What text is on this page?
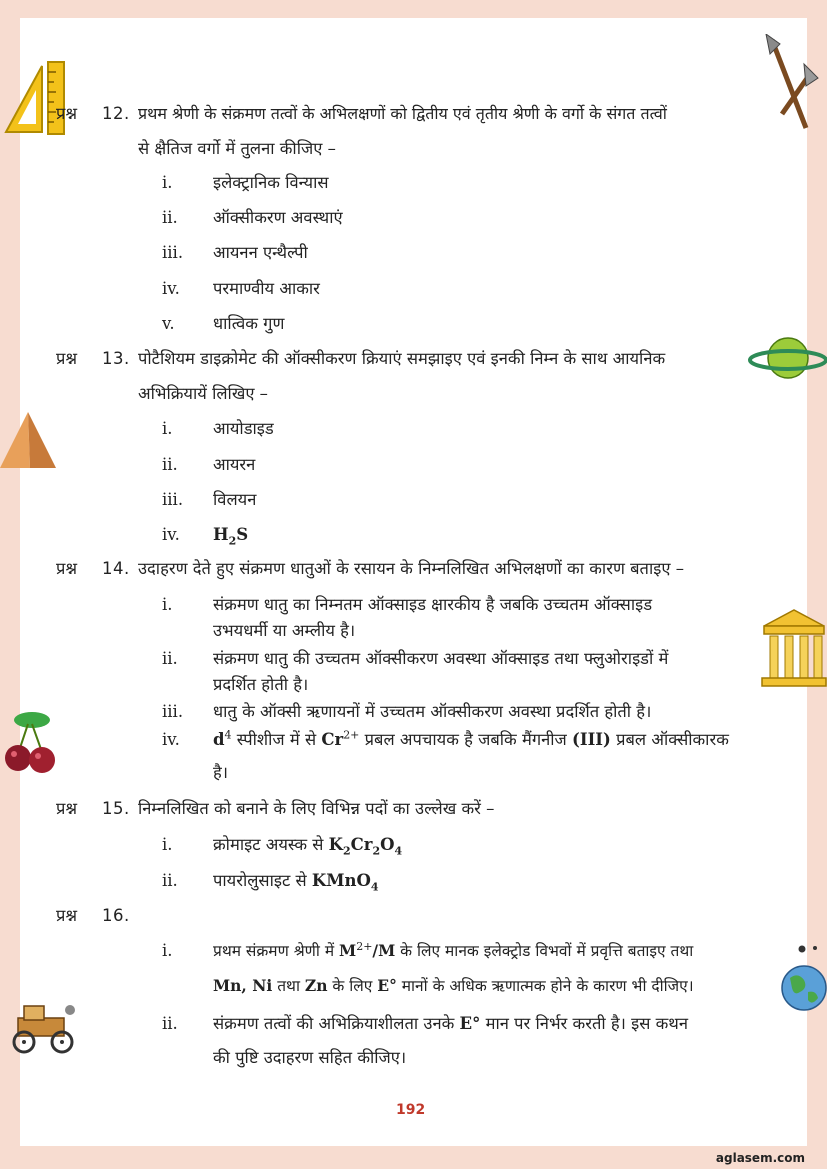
प्रश्न 12. प्रथम श्रेणी के संक्रमण तत्वों के अभिलक्षणों को द्वितीय एवं तृतीय श्रेणी के वर्गो के संगत तत्वों
से क्षैतिज वर्गो में तुलना कीजिए –
i. इलेक्ट्रानिक विन्यास
ii. ऑक्सीकरण अवस्थाएं
iii. आयनन एन्थैल्पी
iv. परमाण्वीय आकार
v. धात्विक गुण
प्रश्न 13. पोटैशियम डाइक्रोमेट की ऑक्सीकरण क्रियाएं समझाइए एवं इनकी निम्न के साथ आयनिक
अभिक्रियायें लिखिए –
i. आयोडाइड
ii. आयरन
iii. विलयन
iv. $H_2S$
प्रश्न 14. उदाहरण देते हुए संक्रमण धातुओं के रसायन के निम्नलिखित अभिलक्षणों का कारण बताइए –
i. संक्रमण धातु का निम्नतम ऑक्साइड क्षारकीय है जबकि उच्चतम ऑक्साइड
उभयधर्मी या अम्लीय है।
ii. संक्रमण धातु की उच्चतम ऑक्सीकरण अवस्था ऑक्साइड तथा फ्लुओराइडों में
प्रदर्शित होती है।
iii. धातु के ऑक्सी ऋणायनों में उच्चतम ऑक्सीकरण अवस्था प्रदर्शित होती है।
iv. $d^4$ स्पीशीज में से $Cr^{2+}$ प्रबल अपचायक है जबकि मैंगनीज (III) प्रबल ऑक्सीकारक
है।
प्रश्न 15. निम्नलिखित को बनाने के लिए विभिन्न पदों का उल्लेख करें –
i. क्रोमाइट अयस्क से $K_2Cr_2O_4$
ii. पायरोलुसाइट से KMnO$_4$
प्रश्न 16.
i.	प्रथम संक्रमण श्रेणी में $M^{2+}/M$ के लिए मानक इलेक्ट्रोड विभवों में प्रवृत्ति बताइए तथा
Mn, Ni तथा Zn के लिए E° मानों के अधिक ऋणात्मक होने के कारण भी दीजिए।
ii. संक्रमण तत्वों की अभिक्रियाशीलता उनके E° मान पर निर्भर करती है। इस कथन
की पुष्टि उदाहरण सहित कीजिए।
192
aglasem.com
